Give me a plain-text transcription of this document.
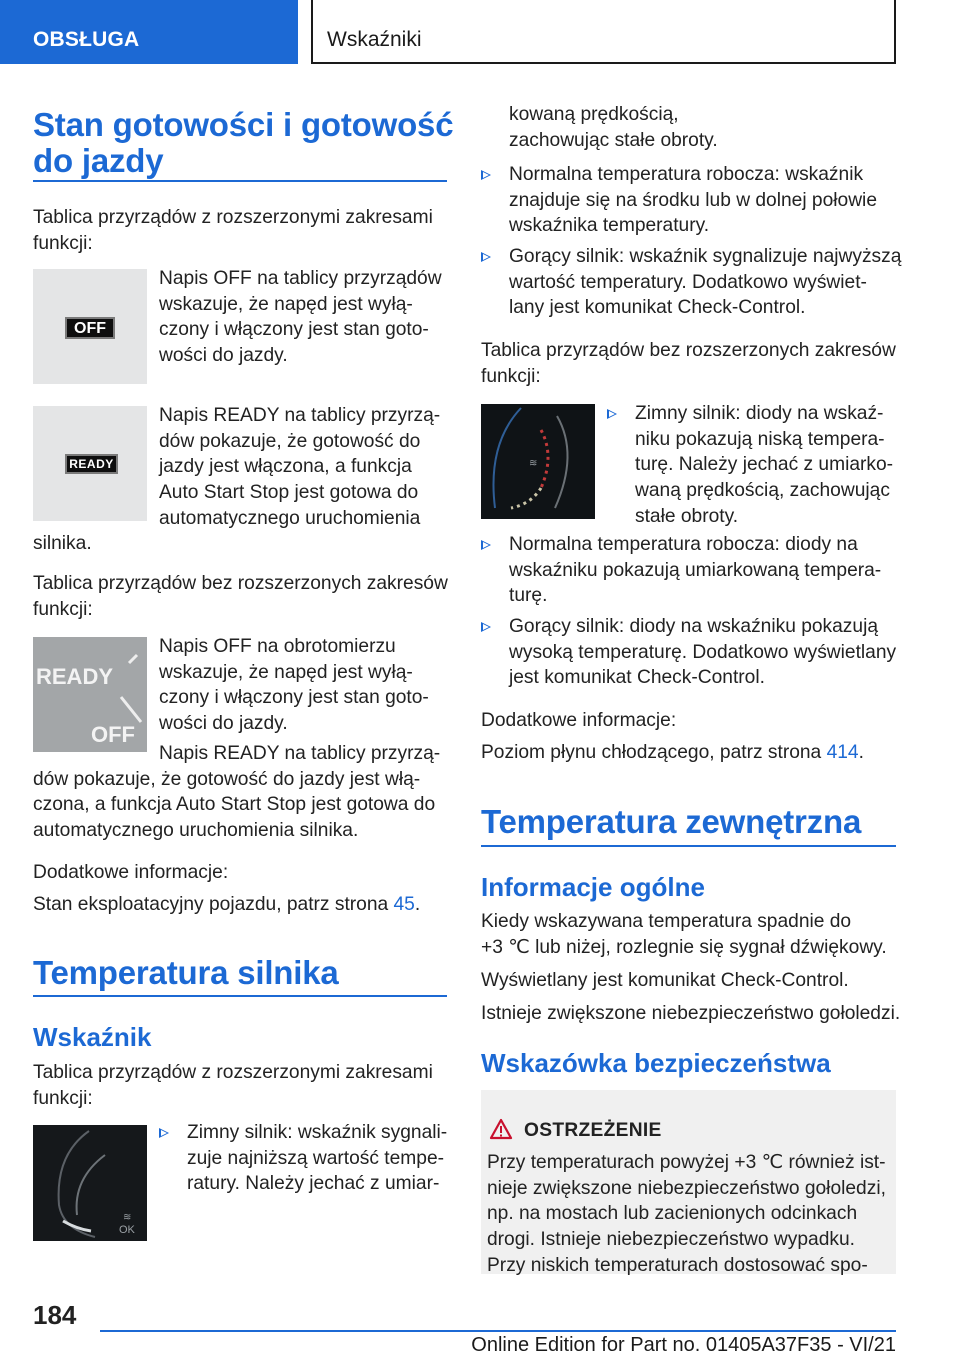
OBSŁUGA	Wskaźniki
Stan gotowości i gotowość
do jazdy
Tablica przyrządów z rozszerzonymi zakresami
funkcji:
OFF
Napis OFF na tablicy przyrządów
wskazuje, że napęd jest wyłą-
czony i włączony jest stan goto-
wości do jazdy.
READY
Napis READY na tablicy przyrzą-
dów pokazuje, że gotowość do
jazdy jest włączona, a funkcja
Auto Start Stop jest gotowa do
automatycznego uruchomienia
silnika.
Tablica przyrządów bez rozszerzonych zakresów
funkcji:
READY
OFF
Napis OFF na obrotomierzu
wskazuje, że napęd jest wyłą-
czony i włączony jest stan goto-
wości do jazdy.
Napis READY na tablicy przyrzą-
dów pokazuje, że gotowość do jazdy jest włą-
czona, a funkcja Auto Start Stop jest gotowa do
automatycznego uruchomienia silnika.
Dodatkowe informacje:
Stan eksploatacyjny pojazdu, patrz strona 45.
Temperatura silnika
Wskaźnik
Tablica przyrządów z rozszerzonymi zakresami
funkcji:
OK
≋
Zimny silnik: wskaźnik sygnali-
zuje najniższą wartość tempe-
ratury. Należy jechać z umiar-
kowaną prędkością,
zachowując stałe obroty.
Normalna temperatura robocza: wskaźnik
znajduje się na środku lub w dolnej połowie
wskaźnika temperatury.
Gorący silnik: wskaźnik sygnalizuje najwyższą
wartość temperatury. Dodatkowo wyświet-
lany jest komunikat Check-Control.
Tablica przyrządów bez rozszerzonych zakresów
funkcji:
≋
Zimny silnik: diody na wskaź-
niku pokazują niską tempera-
turę. Należy jechać z umiarko-
waną prędkością, zachowując
stałe obroty.
Normalna temperatura robocza: diody na
wskaźniku pokazują umiarkowaną tempera-
turę.
Gorący silnik: diody na wskaźniku pokazują
wysoką temperaturę. Dodatkowo wyświetlany
jest komunikat Check-Control.
Dodatkowe informacje:
Poziom płynu chłodzącego, patrz strona 414.
Temperatura zewnętrzna
Informacje ogólne
Kiedy wskazywana temperatura spadnie do
+3 ℃ lub niżej, rozlegnie się sygnał dźwiękowy.
Wyświetlany jest komunikat Check-Control.
Istnieje zwiększone niebezpieczeństwo gołoledzi.
Wskazówka bezpieczeństwa
OSTRZEŻENIE
Przy temperaturach powyżej +3 ℃ również ist-
nieje zwiększone niebezpieczeństwo gołoledzi,
np. na mostach lub zacienionych odcinkach
drogi. Istnieje niebezpieczeństwo wypadku.
Przy niskich temperaturach dostosować spo-
184
Online Edition for Part no. 01405A37F35 - VI/21
